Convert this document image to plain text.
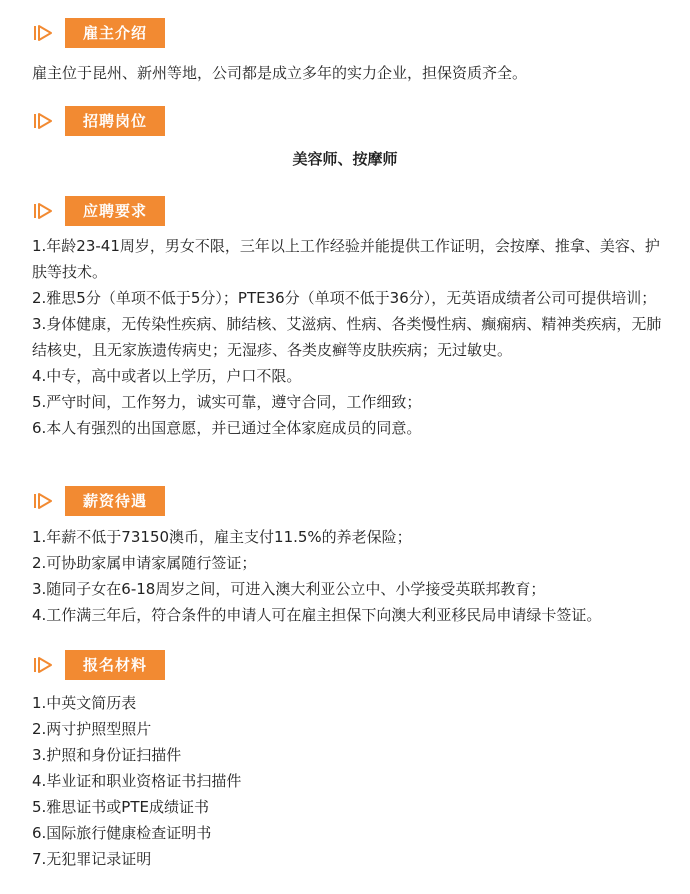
雇主介绍

雇主位于昆州、新州等地，公司都是成立多年的实力企业，担保资质齐全。

招聘岗位
美容师、按摩师
应聘要求
1.年龄23-41周岁，男女不限，三年以上工作经验并能提供工作证明，会按摩、推拿、美容、护肤等技术。
2.雅思5分（单项不低于5分）；PTE36分（单项不低于36分），无英语成绩者公司可提供培训；
3.身体健康，无传染性疾病、肺结核、艾滋病、性病、各类慢性病、癫痫病、精神类疾病，无肺结核史，且无家族遗传病史；无湿疹、各类皮癣等皮肤疾病；无过敏史。
4.中专，高中或者以上学历，户口不限。
5.严守时间，工作努力，诚实可靠，遵守合同，工作细致；
6.本人有强烈的出国意愿，并已通过全体家庭成员的同意。
薪资待遇
1.年薪不低于73150澳币，雇主支付11.5%的养老保险；
2.可协助家属申请家属随行签证；
3.随同子女在6-18周岁之间，可进入澳大利亚公立中、小学接受英联邦教育；
4.工作满三年后，符合条件的申请人可在雇主担保下向澳大利亚移民局申请绿卡签证。
报名材料
1.中英文简历表
2.两寸护照型照片
3.护照和身份证扫描件
4.毕业证和职业资格证书扫描件
5.雅思证书或PTE成绩证书
6.国际旅行健康检查证明书
7.无犯罪记录证明
